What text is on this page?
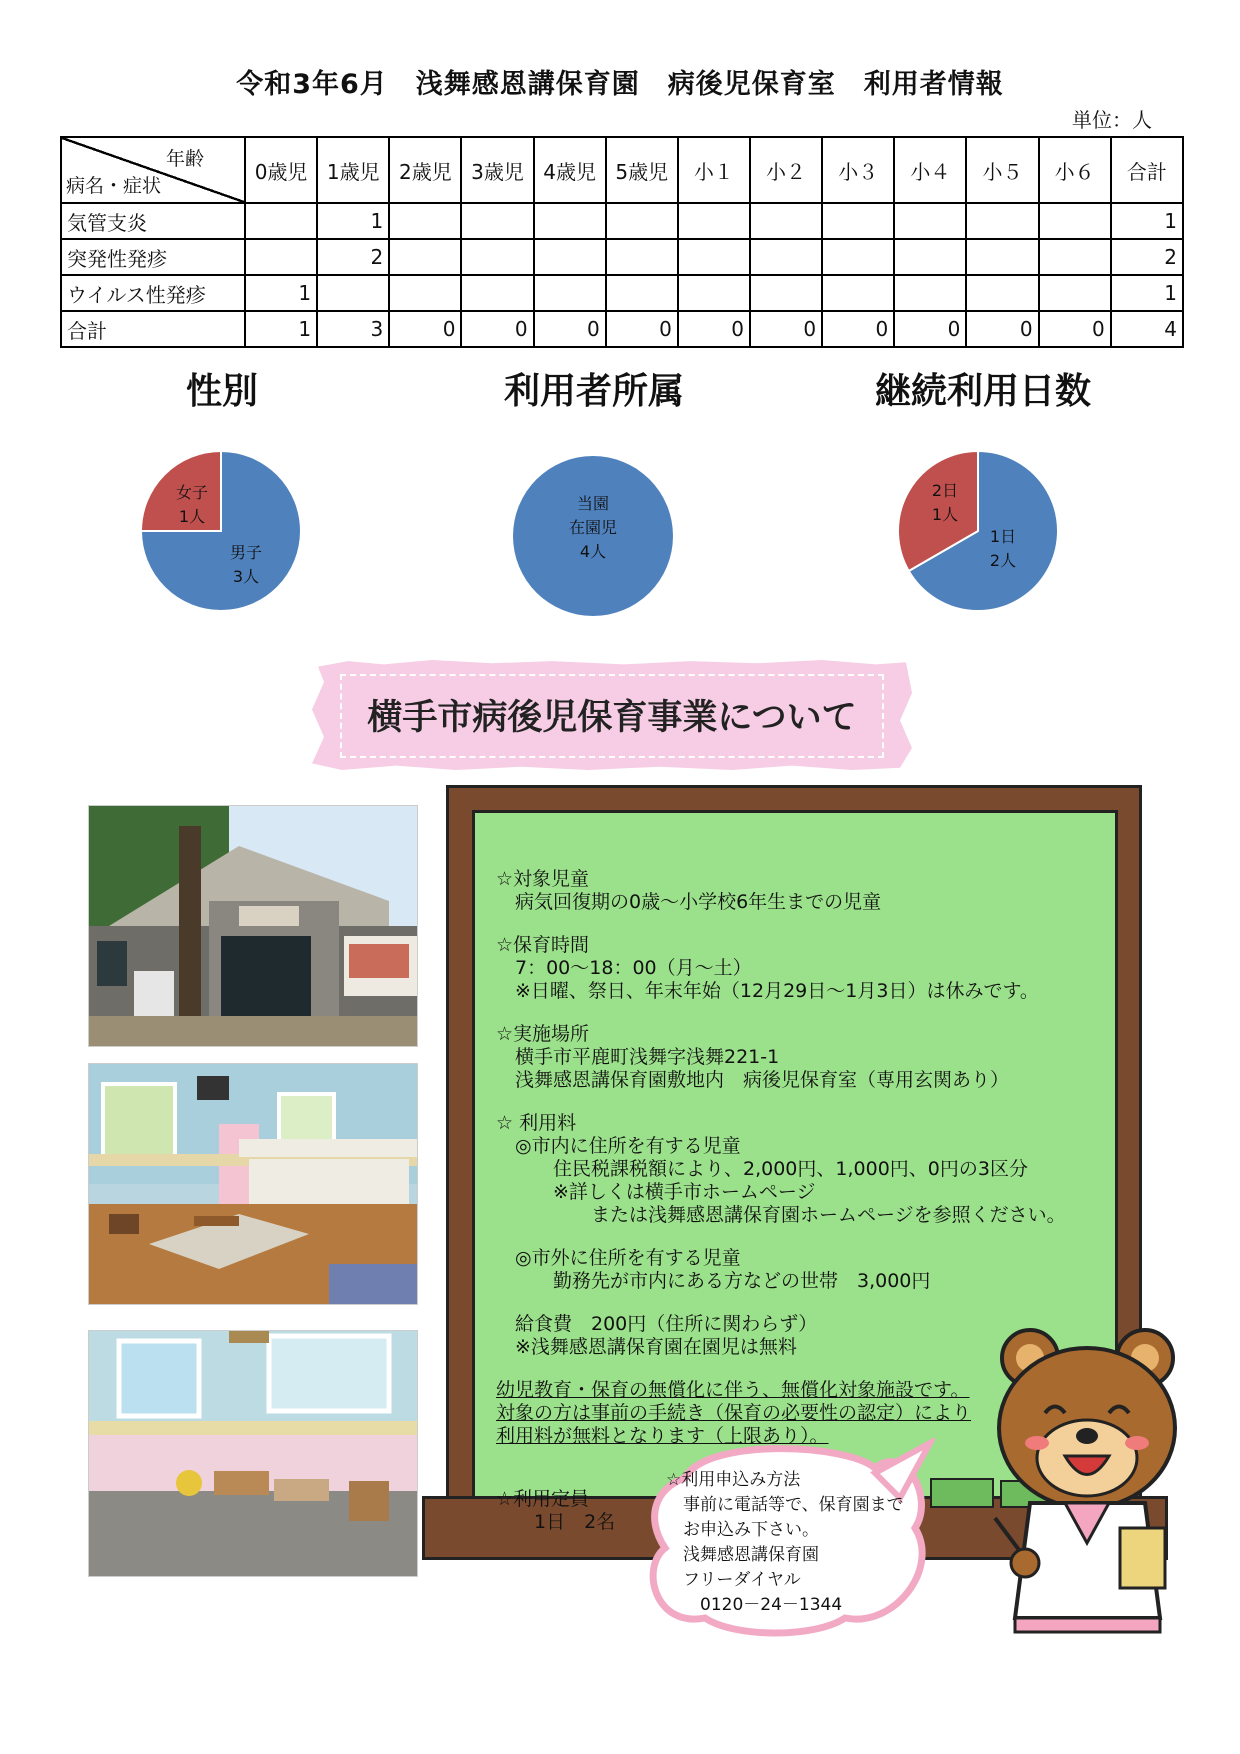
令和3年6月　浅舞感恩講保育園　病後児保育室　利用者情報
単位：人
年齢
病名・症状	0歳児	1歳児	2歳児	3歳児	4歳児	5歳児	小１	小２	小３	小４	小５	小６	合計
気管支炎		1											1
突発性発疹		2											2
ウイルス性発疹	1												1
合計	1	3	0	0	0	0	0	0	0	0	0	0	4
性別	利用者所属	継続利用日数
男子
3人
女子
1人
当園
在園児
4人
1日
2人
2日
1人
横手市病後児保育事業について

☆対象児童

　病気回復期の0歳～小学校6年生までの児童

☆保育時間

　7：00～18：00（月～土）

　※日曜、祭日、年末年始（12月29日～1月3日）は休みです。

☆実施場所

　横手市平鹿町浅舞字浅舞221-1

　浅舞感恩講保育園敷地内　病後児保育室（専用玄関あり）

☆ 利用料

　◎市内に住所を有する児童

　　　住民税課税額により、2,000円、1,000円、0円の3区分

　　　※詳しくは横手市ホームページ

　　　　　または浅舞感恩講保育園ホームページを参照ください。

　◎市外に住所を有する児童

　　　勤務先が市内にある方などの世帯　3,000円

　給食費　200円（住所に関わらず）

　※浅舞感恩講保育園在園児は無料

幼児教育・保育の無償化に伴う、無償化対象施設です。

対象の方は事前の手続き（保育の必要性の認定）により

利用料が無料となります（上限あり）。

☆利用定員

　　1日　2名

☆利用申込み方法

　事前に電話等で、保育園まで

　お申込み下さい。

　浅舞感恩講保育園

　フリーダイヤル

　　0120－24－1344
